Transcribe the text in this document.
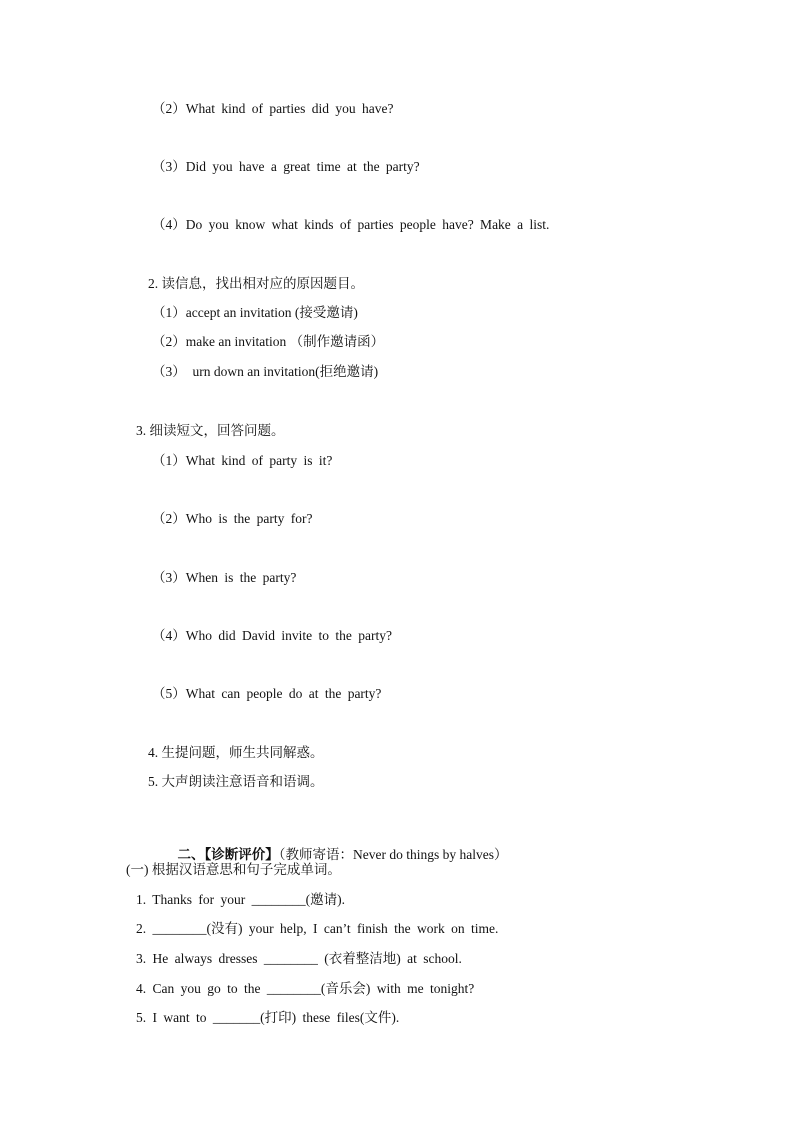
（2）What kind of parties did you have?
（3）Did you have a great time at the party?
（4）Do you know what kinds of parties people have? Make a list.
2. 读信息，找出相对应的原因题目。
（1）accept an invitation (接受邀请)
（2）make an invitation （制作邀请函）
（3）  urn down an invitation(拒绝邀请)
3. 细读短文，回答问题。
（1）What kind of party is it?
（2）Who is the party for?
（3）When is the party?
（4）Who did David invite to the party?
（5）What can people do at the party?
4. 生提问题，师生共同解惑。
5. 大声朗读注意语音和语调。

二、【诊断评价】（教师寄语：Never do things by halves）

(一) 根据汉语意思和句子完成单词。
1. Thanks for your ________(邀请).
2. ________(没有) your help, I can’t finish the work on time.
3. He always dresses ________ (衣着整洁地) at school.
4. Can you go to the ________(音乐会) with me tonight?
5. I want to _______(打印) these files(文件).
